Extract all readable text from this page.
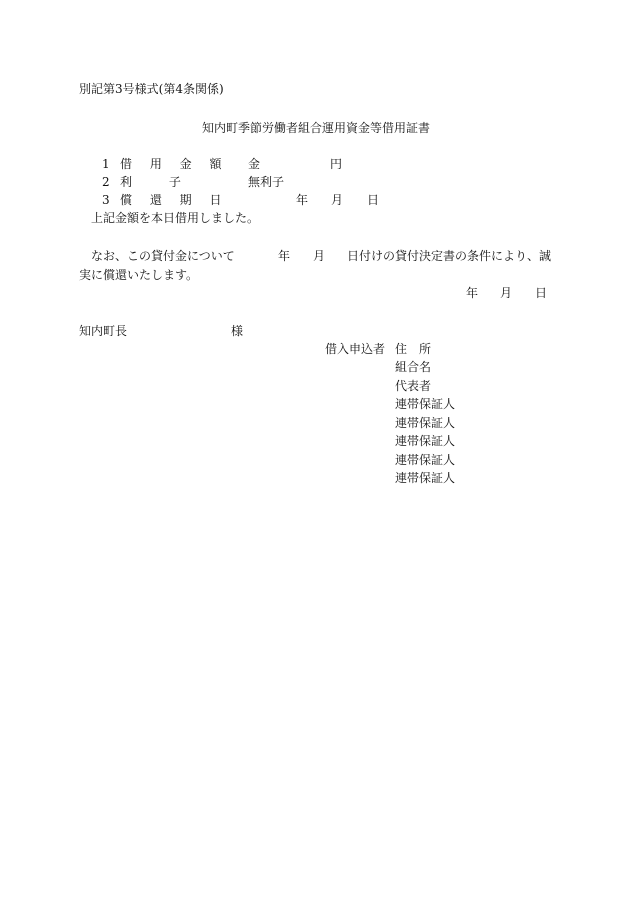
別記第3号様式(第4条関係)
知内町季節労働者組合運用資金等借用証書
1 借 用 金 額 金	円
2 利      子	無利子
3 償 還 期 日	年 月 日
上記金額を本日借用しました。
なお、この貸付金について	年 月 日付けの貸付決定書の条件により、誠
実に償還いたします。
年 月 日
知内町長	様
借入申込者 住　所
組合名
代表者
連帯保証人
連帯保証人
連帯保証人
連帯保証人
連帯保証人
